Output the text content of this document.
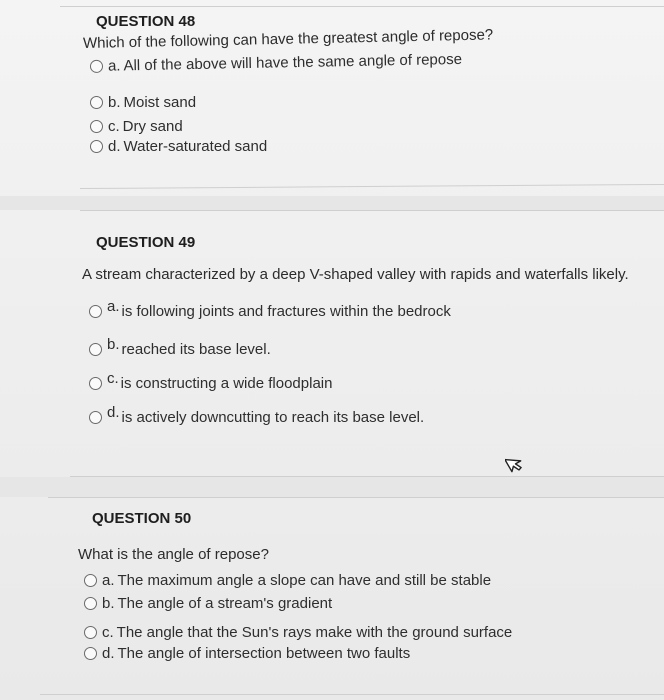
QUESTION 48
Which of the following can have the greatest angle of repose?
a. All of the above will have the same angle of repose
b. Moist sand
c. Dry sand
d. Water-saturated sand
QUESTION 49
A stream characterized by a deep V-shaped valley with rapids and waterfalls likely.
a. is following joints and fractures within the bedrock
b. reached its base level.
c. is constructing a wide floodplain
d. is actively downcutting to reach its base level.
QUESTION 50
What is the angle of repose?
a. The maximum angle a slope can have and still be stable
b. The angle of a stream's gradient
c. The angle that the Sun's rays make with the ground surface
d. The angle of intersection between two faults
